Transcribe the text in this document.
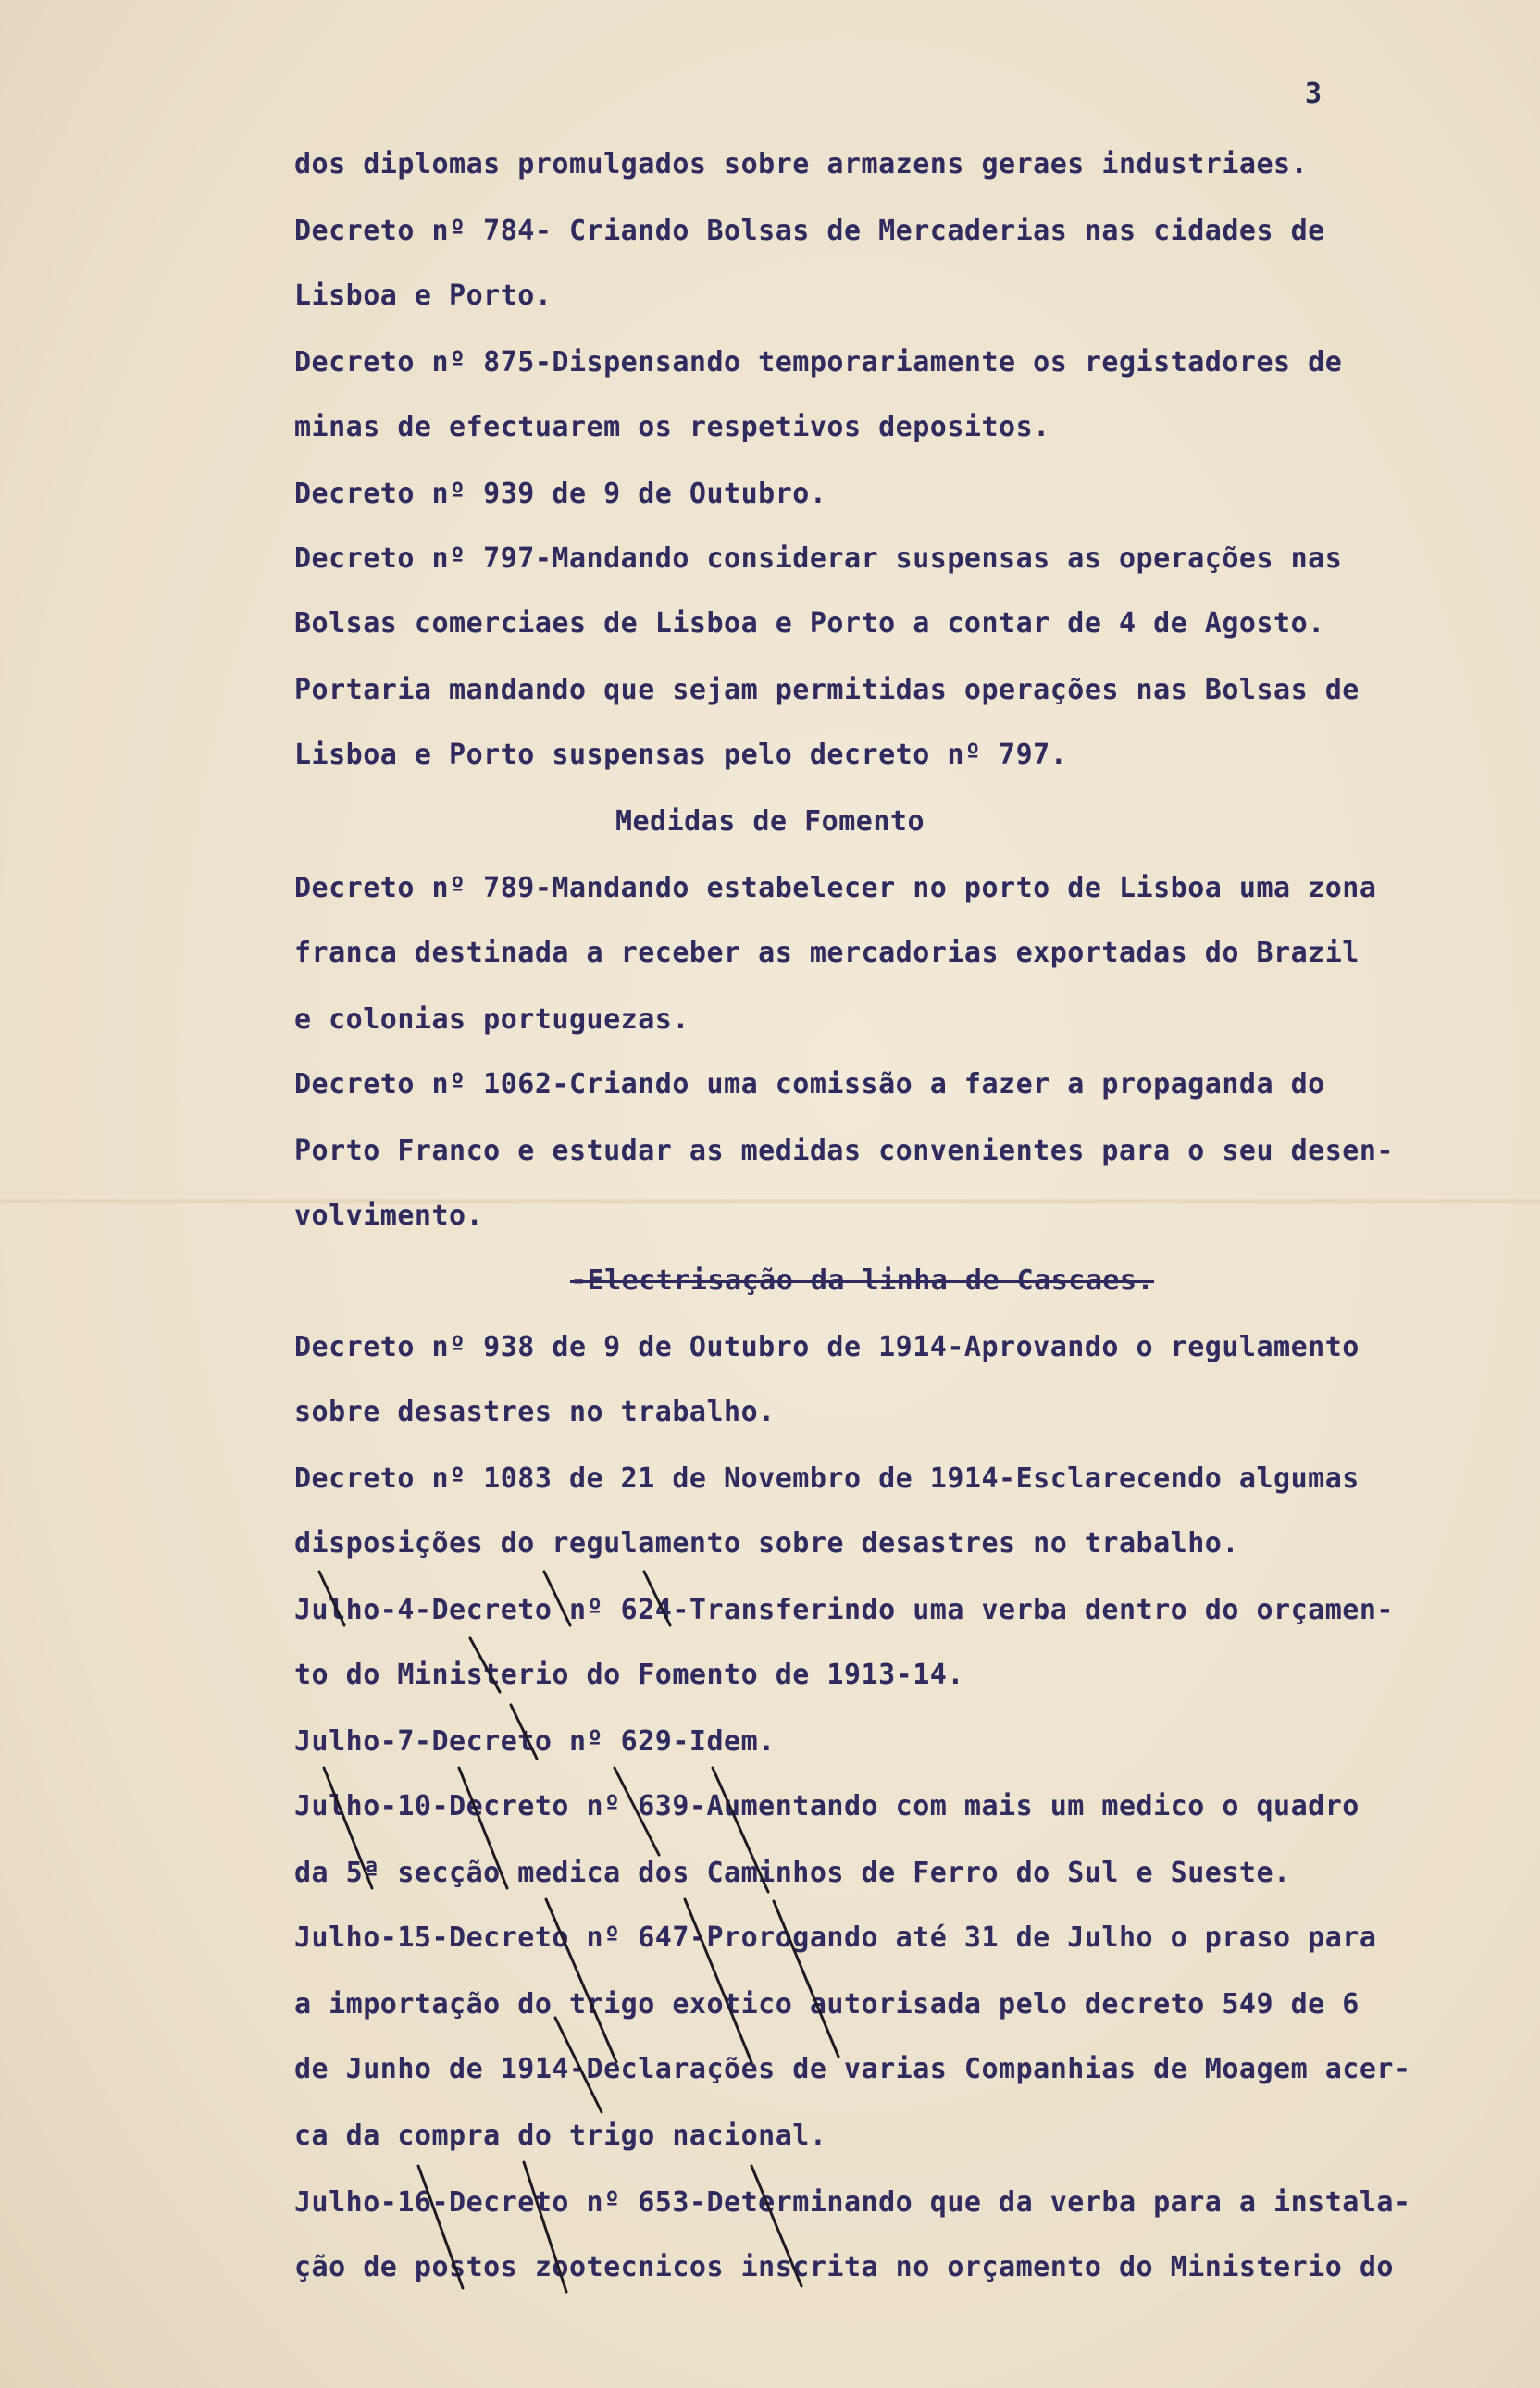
3
dos diplomas promulgados sobre armazens geraes industriaes.
Decreto nº 784- Criando Bolsas de Mercaderias nas cidades de
Lisboa e Porto.
Decreto nº 875-Dispensando temporariamente os registadores de
minas de efectuarem os respetivos depositos.
Decreto nº 939 de 9 de Outubro.
Decreto nº 797-Mandando considerar suspensas as operações nas
Bolsas comerciaes de Lisboa e Porto a contar de 4 de Agosto.
Portaria mandando que sejam permitidas operações nas Bolsas de
Lisboa e Porto suspensas pelo decreto nº 797.
Medidas de Fomento
Decreto nº 789-Mandando estabelecer no porto de Lisboa uma zona
franca destinada a receber as mercadorias exportadas do Brazil
e colonias portuguezas.
Decreto nº 1062-Criando uma comissão a fazer a propaganda do
Porto Franco e estudar as medidas convenientes para o seu desen-
volvimento.
-Electrisação da linha de Cascaes.
Decreto nº 938 de 9 de Outubro de 1914-Aprovando o regulamento
sobre desastres no trabalho.
Decreto nº 1083 de 21 de Novembro de 1914-Esclarecendo algumas
disposições do regulamento sobre desastres no trabalho.
Julho-4-Decreto nº 624-Transferindo uma verba dentro do orçamen-
to do Ministerio do Fomento de 1913-14.
Julho-7-Decreto nº 629-Idem.
Julho-10-Decreto nº 639-Aumentando com mais um medico o quadro
da 5ª secção medica dos Caminhos de Ferro do Sul e Sueste.
Julho-15-Decreto nº 647-Prorogando até 31 de Julho o praso para
a importação do trigo exotico autorisada pelo decreto 549 de 6
de Junho de 1914-Declarações de varias Companhias de Moagem acer-
ca da compra do trigo nacional.
Julho-16-Decreto nº 653-Determinando que da verba para a instala-
ção de postos zootecnicos inscrita no orçamento do Ministerio do
